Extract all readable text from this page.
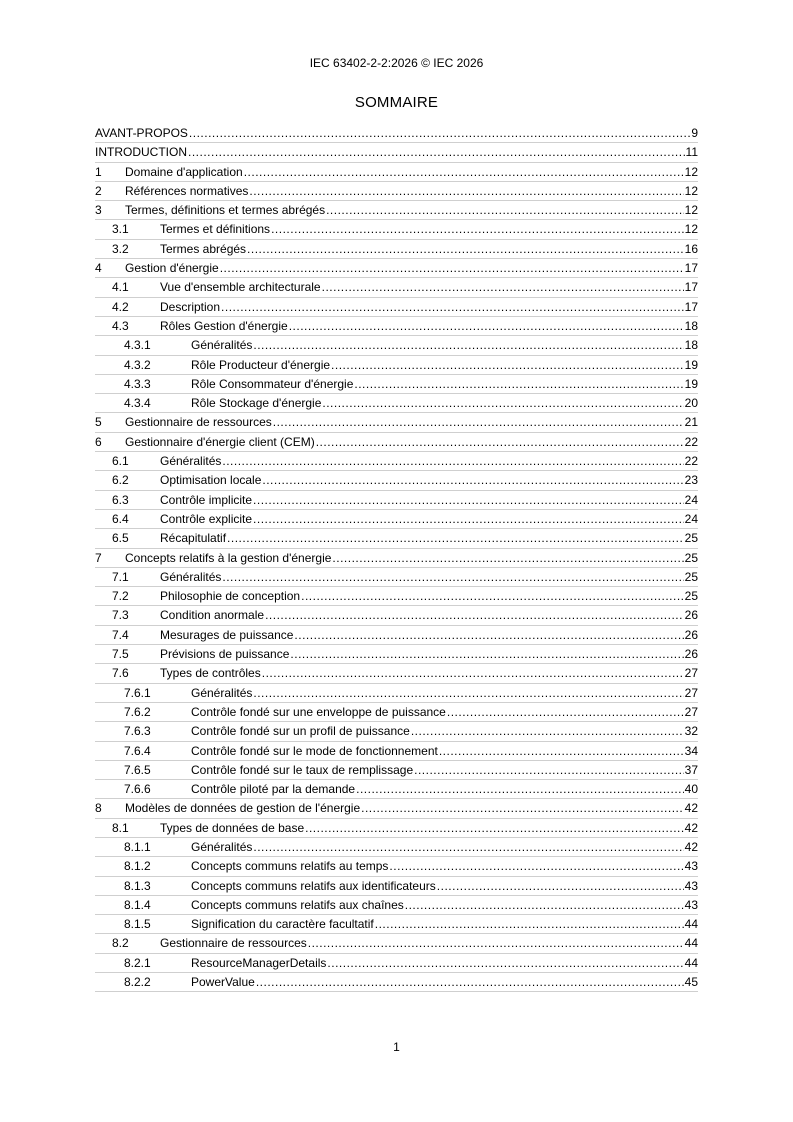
IEC 63402-2-2:2026 © IEC 2026
SOMMAIRE
AVANT-PROPOS .....	9
INTRODUCTION .....	11
1 Domaine d'application .....	12
2 Références normatives .....	12
3 Termes, définitions et termes abrégés .....	12
3.1	Termes et définitions .....	12
3.2	Termes abrégés .....	16
4 Gestion d'énergie .....	17
4.1	Vue d'ensemble architecturale .....	17
4.2	Description .....	17
4.3	Rôles Gestion d'énergie .....	18
4.3.1	Généralités .....	18
4.3.2	Rôle Producteur d'énergie .....	19
4.3.3	Rôle Consommateur d'énergie .....	19
4.3.4	Rôle Stockage d'énergie .....	20
5 Gestionnaire de ressources .....	21
6 Gestionnaire d'énergie client (CEM) .....	22
6.1	Généralités .....	22
6.2	Optimisation locale .....	23
6.3	Contrôle implicite .....	24
6.4	Contrôle explicite .....	24
6.5	Récapitulatif .....	25
7 Concepts relatifs à la gestion d'énergie .....	25
7.1	Généralités .....	25
7.2	Philosophie de conception .....	25
7.3	Condition anormale .....	26
7.4	Mesurages de puissance .....	26
7.5	Prévisions de puissance .....	26
7.6	Types de contrôles .....	27
7.6.1	Généralités .....	27
7.6.2	Contrôle fondé sur une enveloppe de puissance .....	27
7.6.3	Contrôle fondé sur un profil de puissance .....	32
7.6.4	Contrôle fondé sur le mode de fonctionnement .....	34
7.6.5	Contrôle fondé sur le taux de remplissage .....	37
7.6.6	Contrôle piloté par la demande .....	40
8 Modèles de données de gestion de l'énergie .....	42
8.1	Types de données de base .....	42
8.1.1	Généralités .....	42
8.1.2	Concepts communs relatifs au temps .....	43
8.1.3	Concepts communs relatifs aux identificateurs .....	43
8.1.4	Concepts communs relatifs aux chaînes .....	43
8.1.5	Signification du caractère facultatif .....	44
8.2	Gestionnaire de ressources .....	44
8.2.1	ResourceManagerDetails .....	44
8.2.2	PowerValue .....	45
1
